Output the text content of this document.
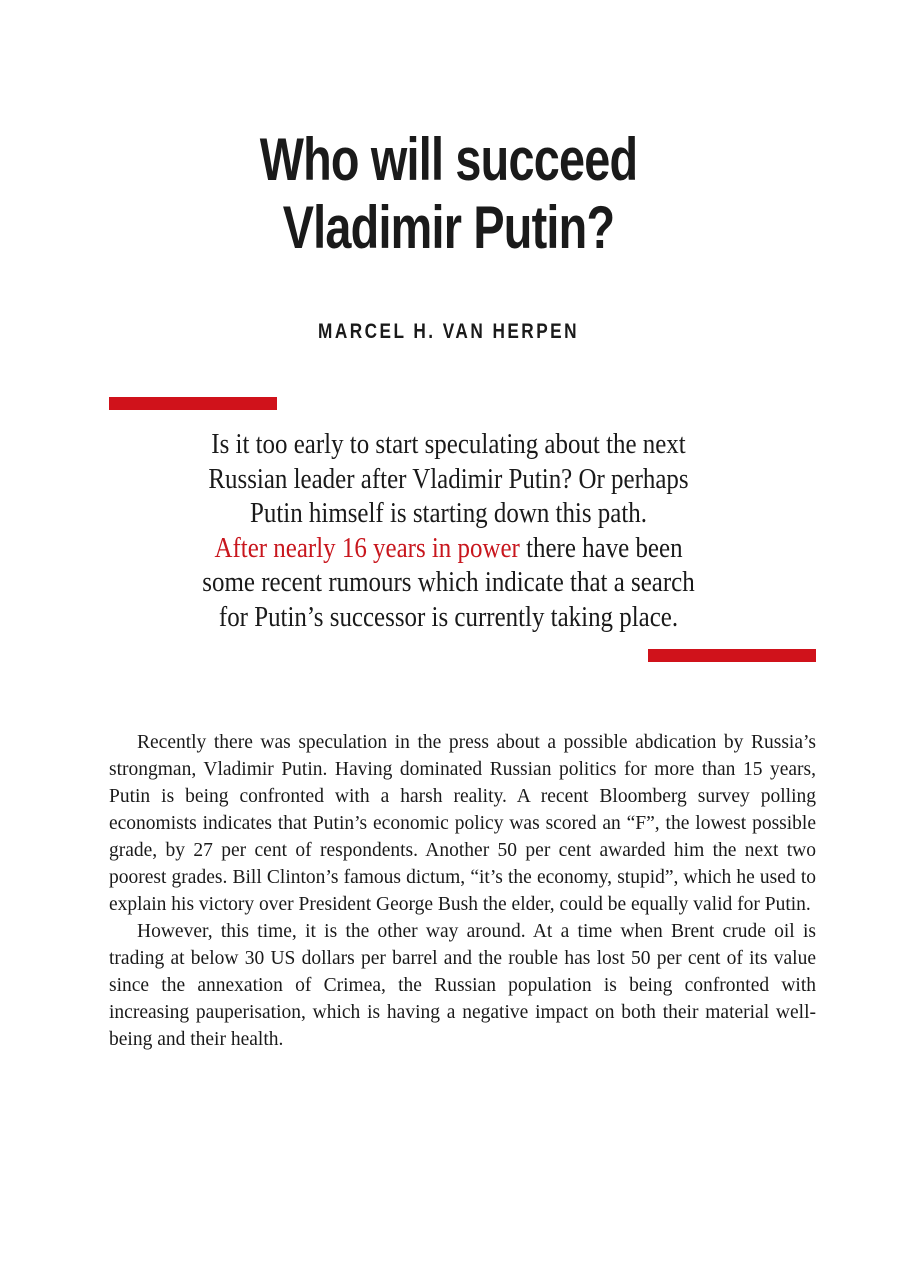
Who will succeed
Vladimir Putin?
MARCEL H. VAN HERPEN
Is it too early to start speculating about the next
Russian leader after Vladimir Putin? Or perhaps
Putin himself is starting down this path.
After nearly 16 years in power there have been
some recent rumours which indicate that a search
for Putin’s successor is currently taking place.

Recently there was speculation in the press about a possible abdication by Russia’s strongman, Vladimir Putin. Having dominated Russian politics for more than 15 years, Putin is being confronted with a harsh reality. A recent Bloomberg survey polling economists indicates that Putin’s economic policy was scored an “F”, the lowest possible grade, by 27 per cent of respondents. Another 50 per cent awarded him the next two poorest grades. Bill Clinton’s famous dictum, “it’s the economy, stupid”, which he used to explain his victory over President George Bush the elder, could be equally valid for Putin.

However, this time, it is the other way around. At a time when Brent crude oil is trading at below 30 US dollars per barrel and the rouble has lost 50 per cent of its value since the annexation of Crimea, the Russian population is being confronted with increasing pauperisation, which is having a negative impact on both their material well-being and their health.
